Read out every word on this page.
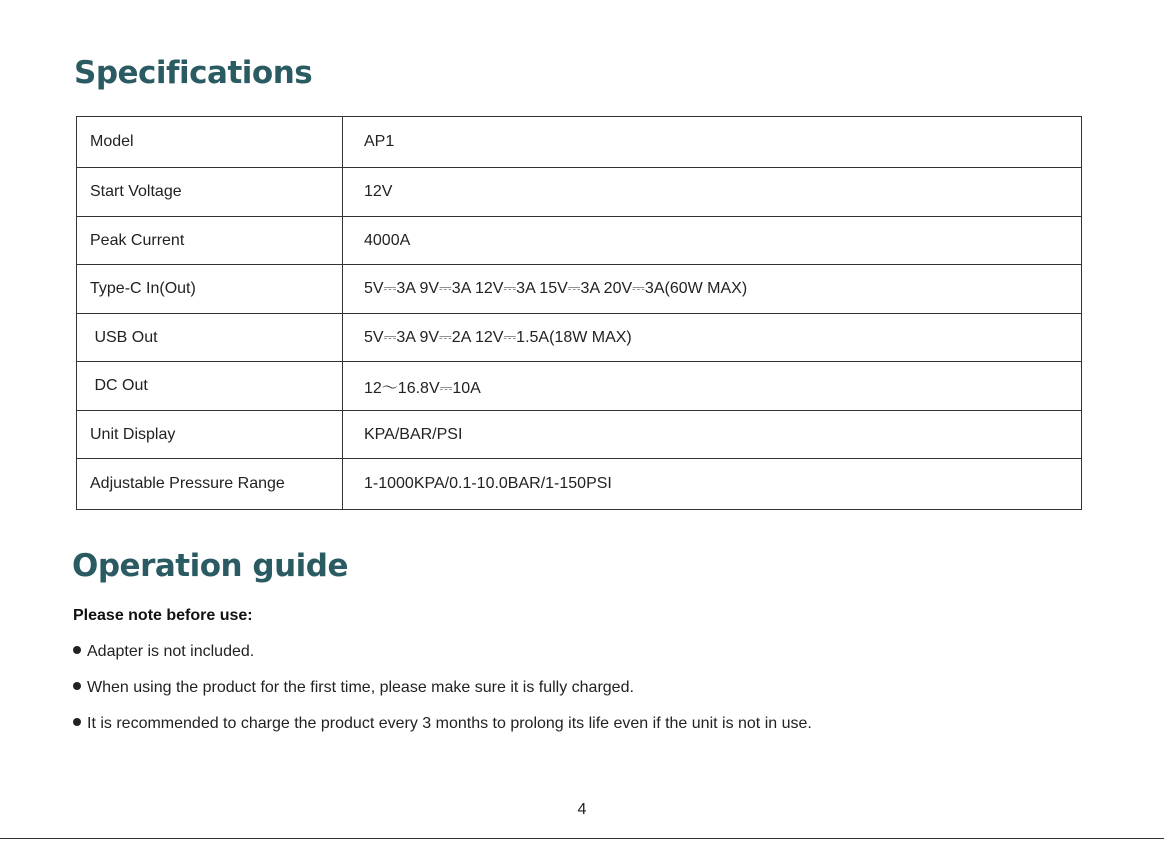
Specifications
Model	AP1
Start Voltage	12V
Peak Current	4000A
Type-C In(Out)	5V⎓3A 9V⎓3A 12V⎓3A 15V⎓3A 20V⎓3A(60W MAX)
USB Out	5V⎓3A 9V⎓2A 12V⎓1.5A(18W MAX)
DC Out	12〜16.8V⎓10A
Unit Display	KPA/BAR/PSI
Adjustable Pressure Range	1-1000KPA/0.1-10.0BAR/1-150PSI
Operation guide
Please note before use:
Adapter is not included.
When using the product for the first time, please make sure it is fully charged.
It is recommended to charge the product every 3 months to prolong its life even if the unit is not in use.
4
